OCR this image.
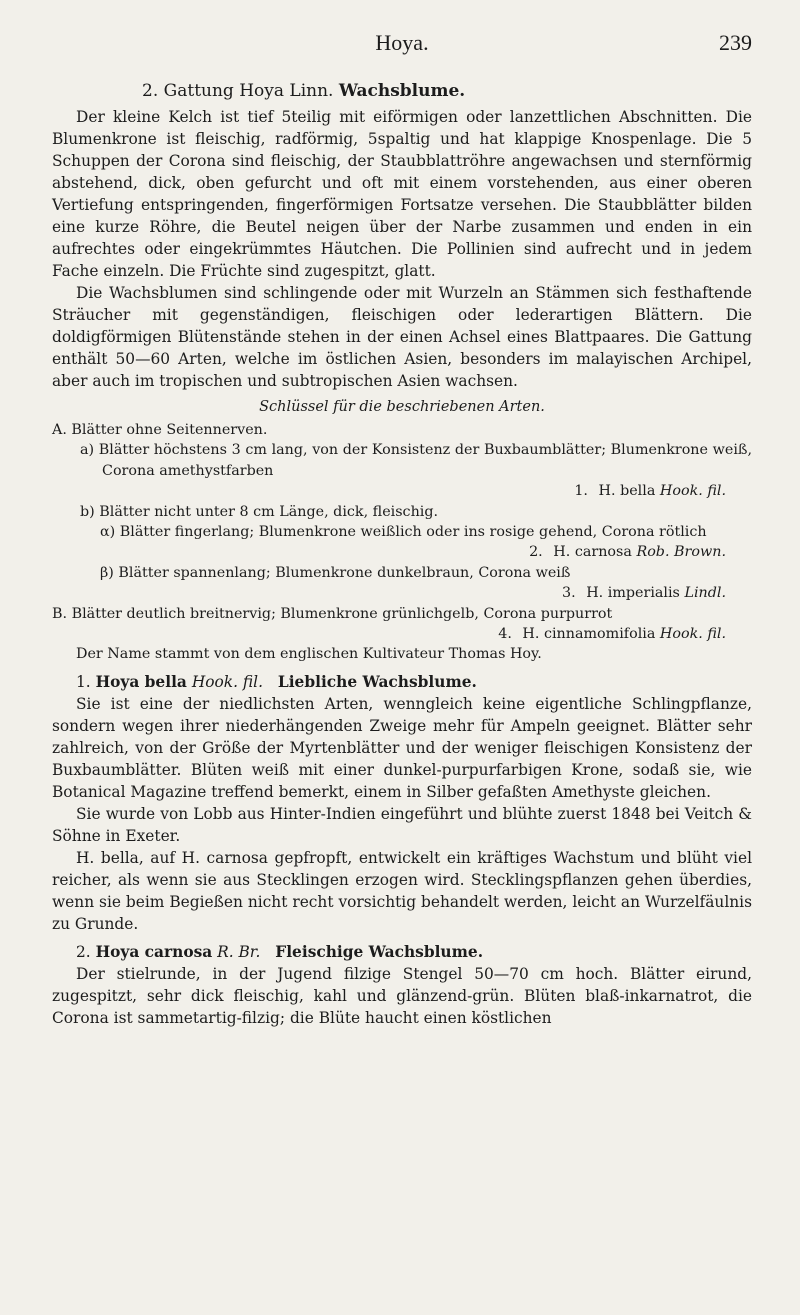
Hoya.	239

2. Gattung Hoya Linn. Wachsblume.

Der kleine Kelch ist tief 5teilig mit eiförmigen oder lanzettlichen Abschnitten. Die Blumenkrone ist fleischig, radförmig, 5spaltig und hat klappige Knospenlage. Die 5 Schuppen der Corona sind fleischig, der Staubblattröhre angewachsen und sternförmig abstehend, dick, oben gefurcht und oft mit einem vorstehenden, aus einer oberen Vertiefung entspringenden, fingerförmigen Fortsatze versehen. Die Staubblätter bilden eine kurze Röhre, die Beutel neigen über der Narbe zusammen und enden in ein aufrechtes oder eingekrümmtes Häutchen. Die Pollinien sind aufrecht und in jedem Fache einzeln. Die Früchte sind zugespitzt, glatt.

Die Wachsblumen sind schlingende oder mit Wurzeln an Stämmen sich festhaftende Sträucher mit gegenständigen, fleischigen oder lederartigen Blättern. Die doldigförmigen Blütenstände stehen in der einen Achsel eines Blattpaares. Die Gattung enthält 50—60 Arten, welche im östlichen Asien, besonders im malayischen Archipel, aber auch im tropischen und subtropischen Asien wachsen.

Schlüssel für die beschriebenen Arten.

A. Blätter ohne Seitennerven.

a) Blätter höchstens 3 cm lang, von der Konsistenz der Buxbaumblätter; Blumenkrone weiß, Corona amethystfarben

1. H. bella Hook. fil.

b) Blätter nicht unter 8 cm Länge, dick, fleischig.

α) Blätter fingerlang; Blumenkrone weißlich oder ins rosige gehend, Corona rötlich

2. H. carnosa Rob. Brown.

β) Blätter spannenlang; Blumenkrone dunkelbraun, Corona weiß

3. H. imperialis Lindl.

B. Blätter deutlich breitnervig; Blumenkrone grünlichgelb, Corona purpurrot

4. H. cinnamomifolia Hook. fil.

Der Name stammt von dem englischen Kultivateur Thomas Hoy.

1. Hoya bella Hook. fil. Liebliche Wachsblume.

Sie ist eine der niedlichsten Arten, wenngleich keine eigentliche Schlingpflanze, sondern wegen ihrer niederhängenden Zweige mehr für Ampeln geeignet. Blätter sehr zahlreich, von der Größe der Myrtenblätter und der weniger fleischigen Konsistenz der Buxbaumblätter. Blüten weiß mit einer dunkel-purpurfarbigen Krone, sodaß sie, wie Botanical Magazine treffend bemerkt, einem in Silber gefaßten Amethyste gleichen.

Sie wurde von Lobb aus Hinter-Indien eingeführt und blühte zuerst 1848 bei Veitch & Söhne in Exeter.

H. bella, auf H. carnosa gepfropft, entwickelt ein kräftiges Wachstum und blüht viel reicher, als wenn sie aus Stecklingen erzogen wird. Stecklingspflanzen gehen überdies, wenn sie beim Begießen nicht recht vorsichtig behandelt werden, leicht an Wurzelfäulnis zu Grunde.

2. Hoya carnosa R. Br. Fleischige Wachsblume.

Der stielrunde, in der Jugend filzige Stengel 50—70 cm hoch. Blätter eirund, zugespitzt, sehr dick fleischig, kahl und glänzend-grün. Blüten blaß-inkarnatrot, die Corona ist sammetartig-filzig; die Blüte haucht einen köstlichen
